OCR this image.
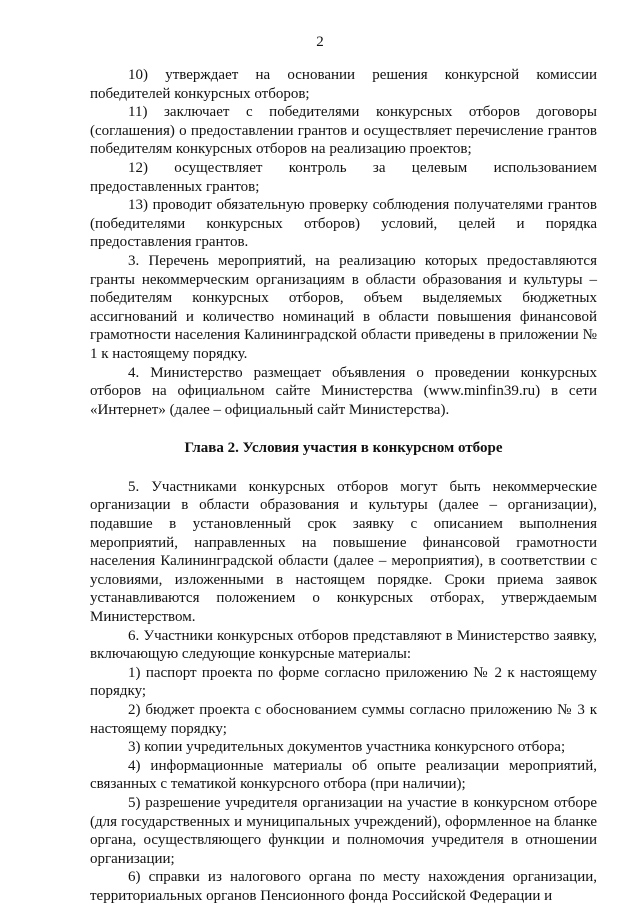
2

10) утверждает на основании решения конкурсной комиссии победителей конкурсных отборов;

11) заключает с победителями конкурсных отборов договоры (соглашения) о предоставлении грантов и осуществляет перечисление грантов победителям конкурсных отборов на реализацию проектов;

12) осуществляет контроль за целевым использованием предоставленных грантов;

13) проводит обязательную проверку соблюдения получателями грантов (победителями конкурсных отборов) условий, целей и порядка предоставления грантов.

3. Перечень мероприятий, на реализацию которых предоставляются гранты некоммерческим организациям в области образования и культуры – победителям конкурсных отборов, объем выделяемых бюджетных ассигнований и количество номинаций в области повышения финансовой грамотности населения Калининградской области приведены в приложении № 1 к настоящему порядку.

4. Министерство размещает объявления о проведении конкурсных отборов на официальном сайте Министерства (www.minfin39.ru) в сети «Интернет» (далее – официальный сайт Министерства).

Глава 2. Условия участия в конкурсном отборе

5. Участниками конкурсных отборов могут быть некоммерческие организации в области образования и культуры (далее – организации), подавшие в установленный срок заявку с описанием выполнения мероприятий, направленных на повышение финансовой грамотности населения Калининградской области (далее – мероприятия), в соответствии с условиями, изложенными в настоящем порядке. Сроки приема заявок устанавливаются положением о конкурсных отборах, утверждаемым Министерством.

6. Участники конкурсных отборов представляют в Министерство заявку, включающую следующие конкурсные материалы:

1) паспорт проекта по форме согласно приложению № 2 к настоящему порядку;

2) бюджет проекта с обоснованием суммы согласно приложению № 3 к настоящему порядку;

3) копии учредительных документов участника конкурсного отбора;

4) информационные материалы об опыте реализации мероприятий, связанных с тематикой конкурсного отбора (при наличии);

5) разрешение учредителя организации на участие в конкурсном отборе (для государственных и муниципальных учреждений), оформленное на бланке органа, осуществляющего функции и полномочия учредителя в отношении организации;

6) справки из налогового органа по месту нахождения организации, территориальных органов Пенсионного фонда Российской Федерации и
